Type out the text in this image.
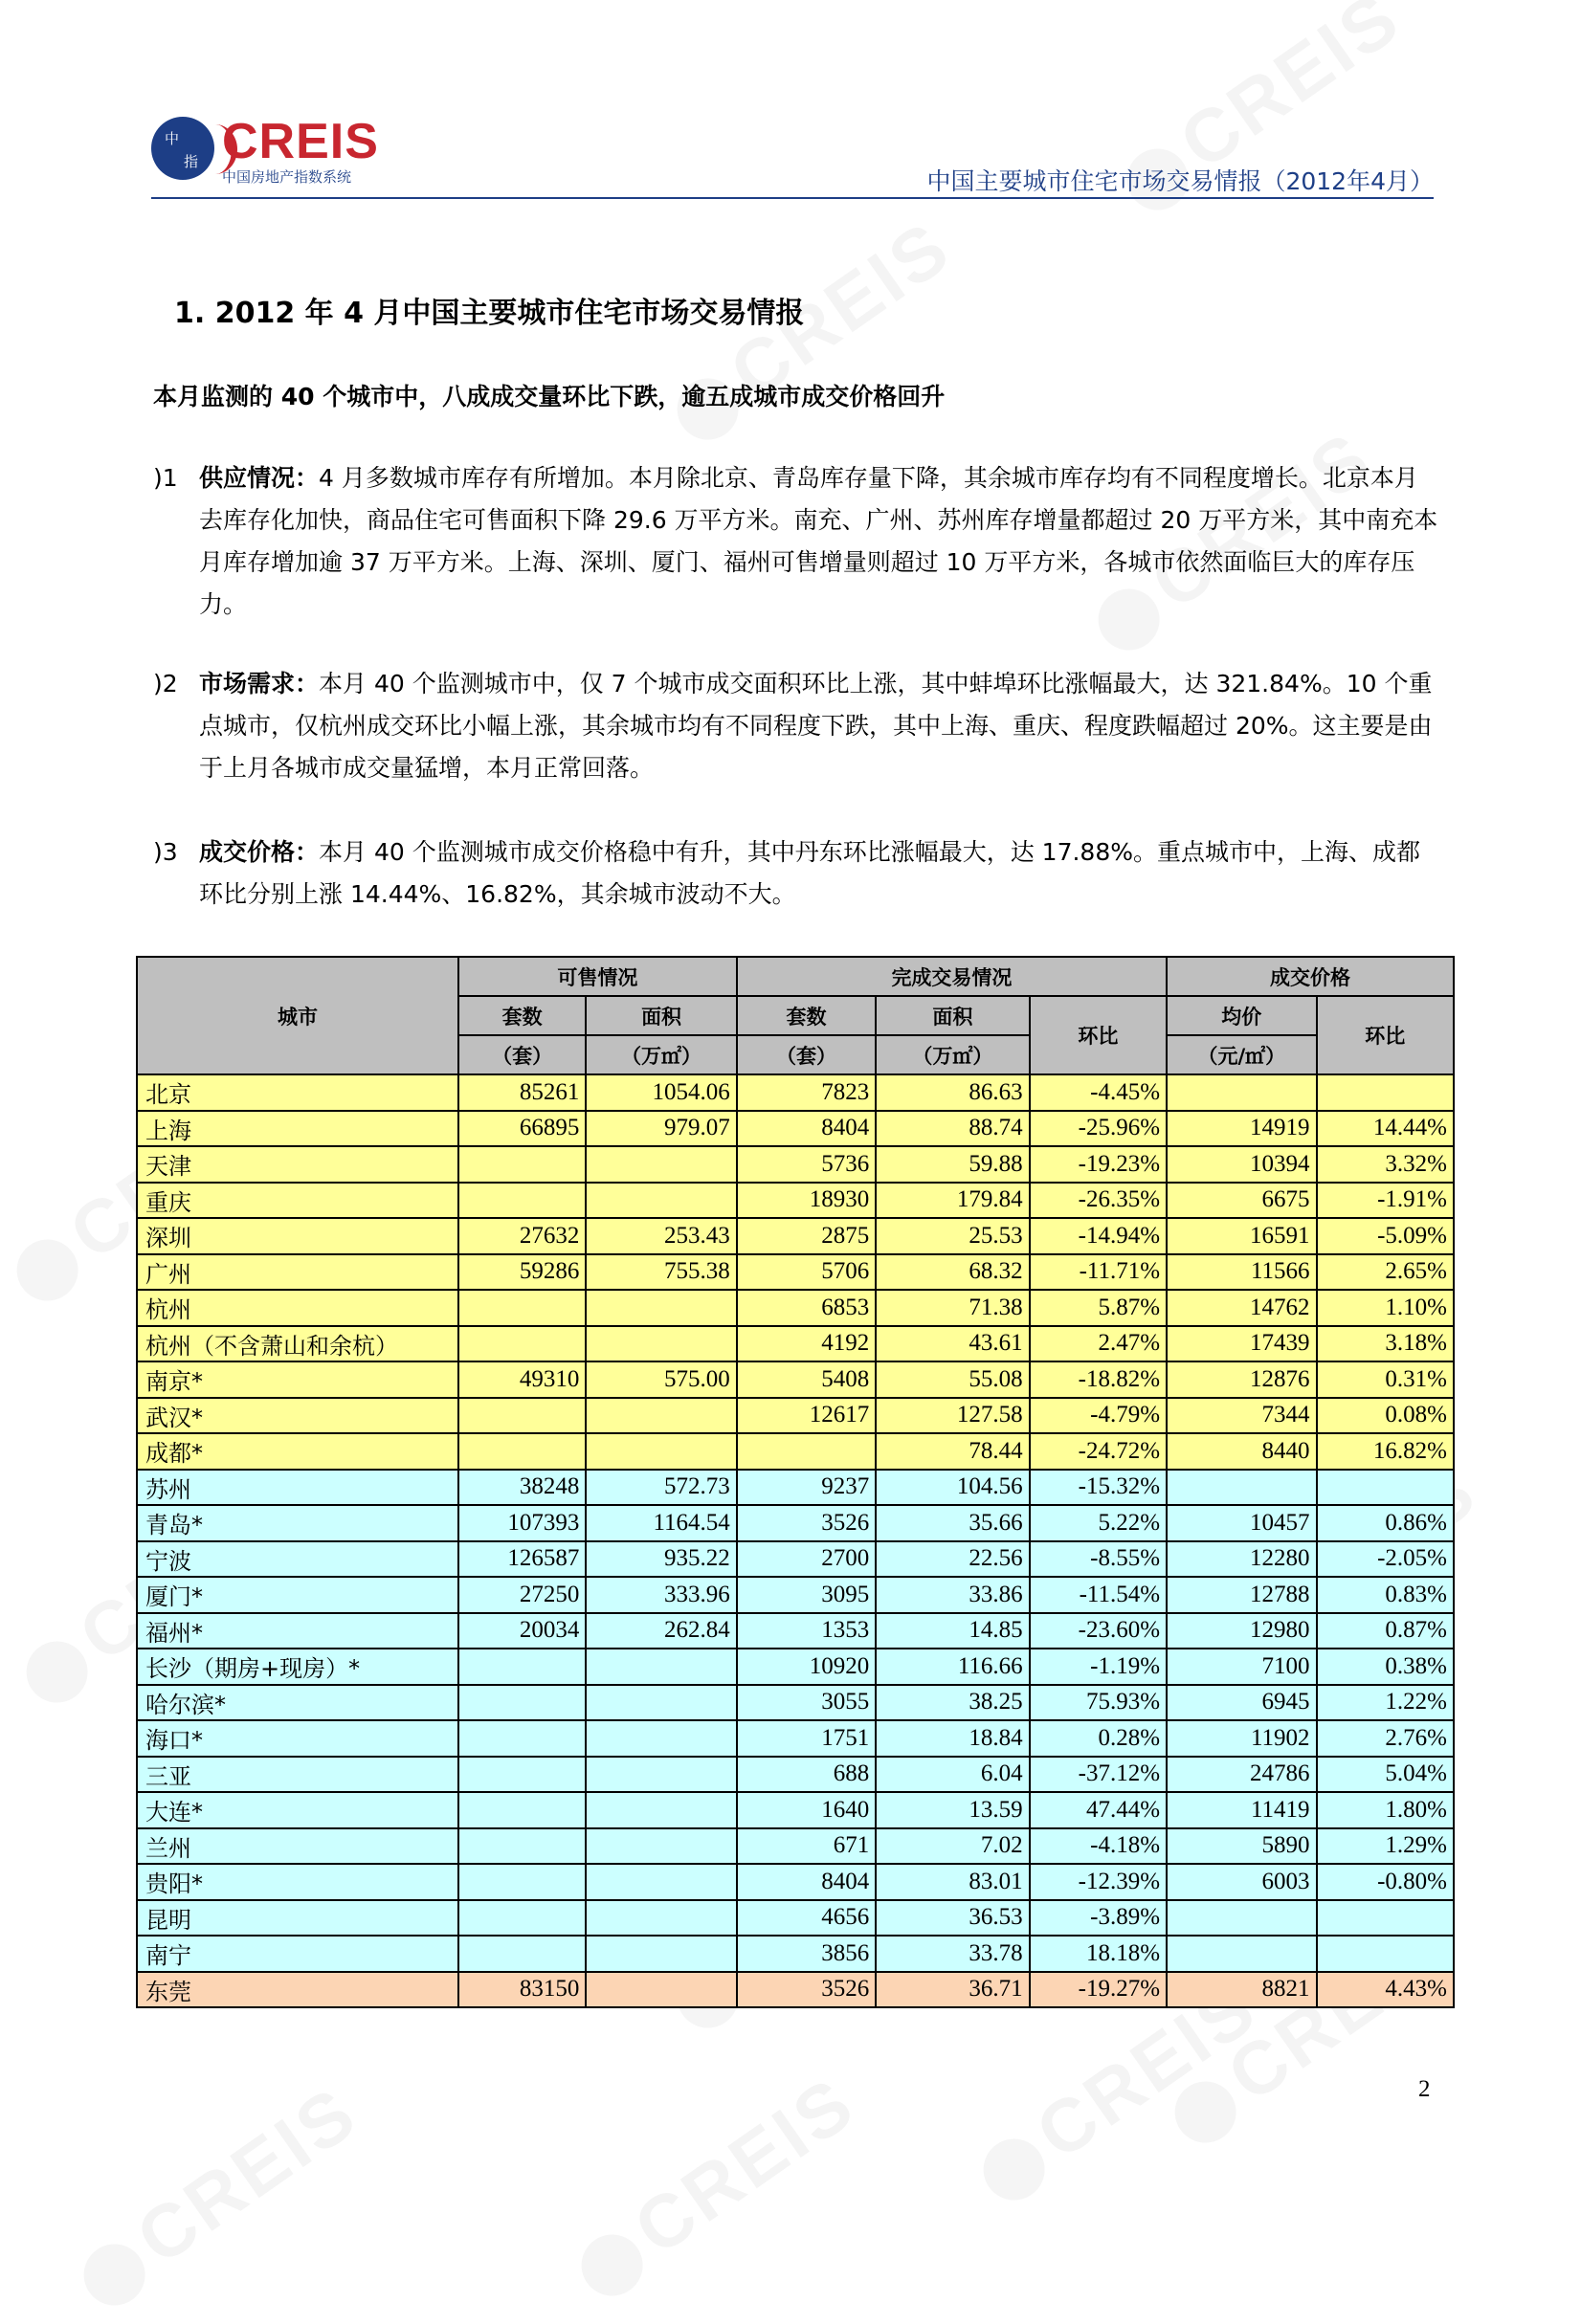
中
指 CREIS
中国房地产指数系统	中国主要城市住宅市场交易情报（2012年4月）
1. 2012 年 4 月中国主要城市住宅市场交易情报
本月监测的 40 个城市中，八成成交量环比下跌，逾五成城市成交价格回升
)1 供应情况：4 月多数城市库存有所增加。本月除北京、青岛库存量下降，其余城市库存均有不同程度增长。北京本月去库存化加快，商品住宅可售面积下降 29.6 万平方米。南充、广州、苏州库存增量都超过 20 万平方米，其中南充本月库存增加逾 37 万平方米。上海、深圳、厦门、福州可售增量则超过 10 万平方米，各城市依然面临巨大的库存压力。
)2 市场需求：本月 40 个监测城市中，仅 7 个城市成交面积环比上涨，其中蚌埠环比涨幅最大，达 321.84%。10 个重点城市，仅杭州成交环比小幅上涨，其余城市均有不同程度下跌，其中上海、重庆、程度跌幅超过 20%。这主要是由于上月各城市成交量猛增，本月正常回落。
)3 成交价格：本月 40 个监测城市成交价格稳中有升，其中丹东环比涨幅最大，达 17.88%。重点城市中，上海、成都环比分别上涨 14.44%、16.82%，其余城市波动不大。
城市	可售情况		完成交易情况			成交价格	
	套数	面积	套数	面积	环比	均价	环比
	（套）	（万㎡）	（套）	（万㎡）		（元/㎡）	
北京	85261	1054.06	7823	86.63	-4.45%		
上海	66895	979.07	8404	88.74	-25.96%	14919	14.44%
天津			5736	59.88	-19.23%	10394	3.32%
重庆			18930	179.84	-26.35%	6675	-1.91%
深圳	27632	253.43	2875	25.53	-14.94%	16591	-5.09%
广州	59286	755.38	5706	68.32	-11.71%	11566	2.65%
杭州			6853	71.38	5.87%	14762	1.10%
杭州（不含萧山和余杭）			4192	43.61	2.47%	17439	3.18%
南京*	49310	575.00	5408	55.08	-18.82%	12876	0.31%
武汉*			12617	127.58	-4.79%	7344	0.08%
成都*				78.44	-24.72%	8440	16.82%
苏州	38248	572.73	9237	104.56	-15.32%		
青岛*	107393	1164.54	3526	35.66	5.22%	10457	0.86%
宁波	126587	935.22	2700	22.56	-8.55%	12280	-2.05%
厦门*	27250	333.96	3095	33.86	-11.54%	12788	0.83%
福州*	20034	262.84	1353	14.85	-23.60%	12980	0.87%
长沙（期房+现房）*			10920	116.66	-1.19%	7100	0.38%
哈尔滨*			3055	38.25	75.93%	6945	1.22%
海口*			1751	18.84	0.28%	11902	2.76%
三亚			688	6.04	-37.12%	24786	5.04%
大连*			1640	13.59	47.44%	11419	1.80%
兰州			671	7.02	-4.18%	5890	1.29%
贵阳*			8404	83.01	-12.39%	6003	-0.80%
昆明			4656	36.53	-3.89%		
南宁			3856	33.78	18.18%		
东莞	83150		3526	36.71	-19.27%	8821	4.43%
2
